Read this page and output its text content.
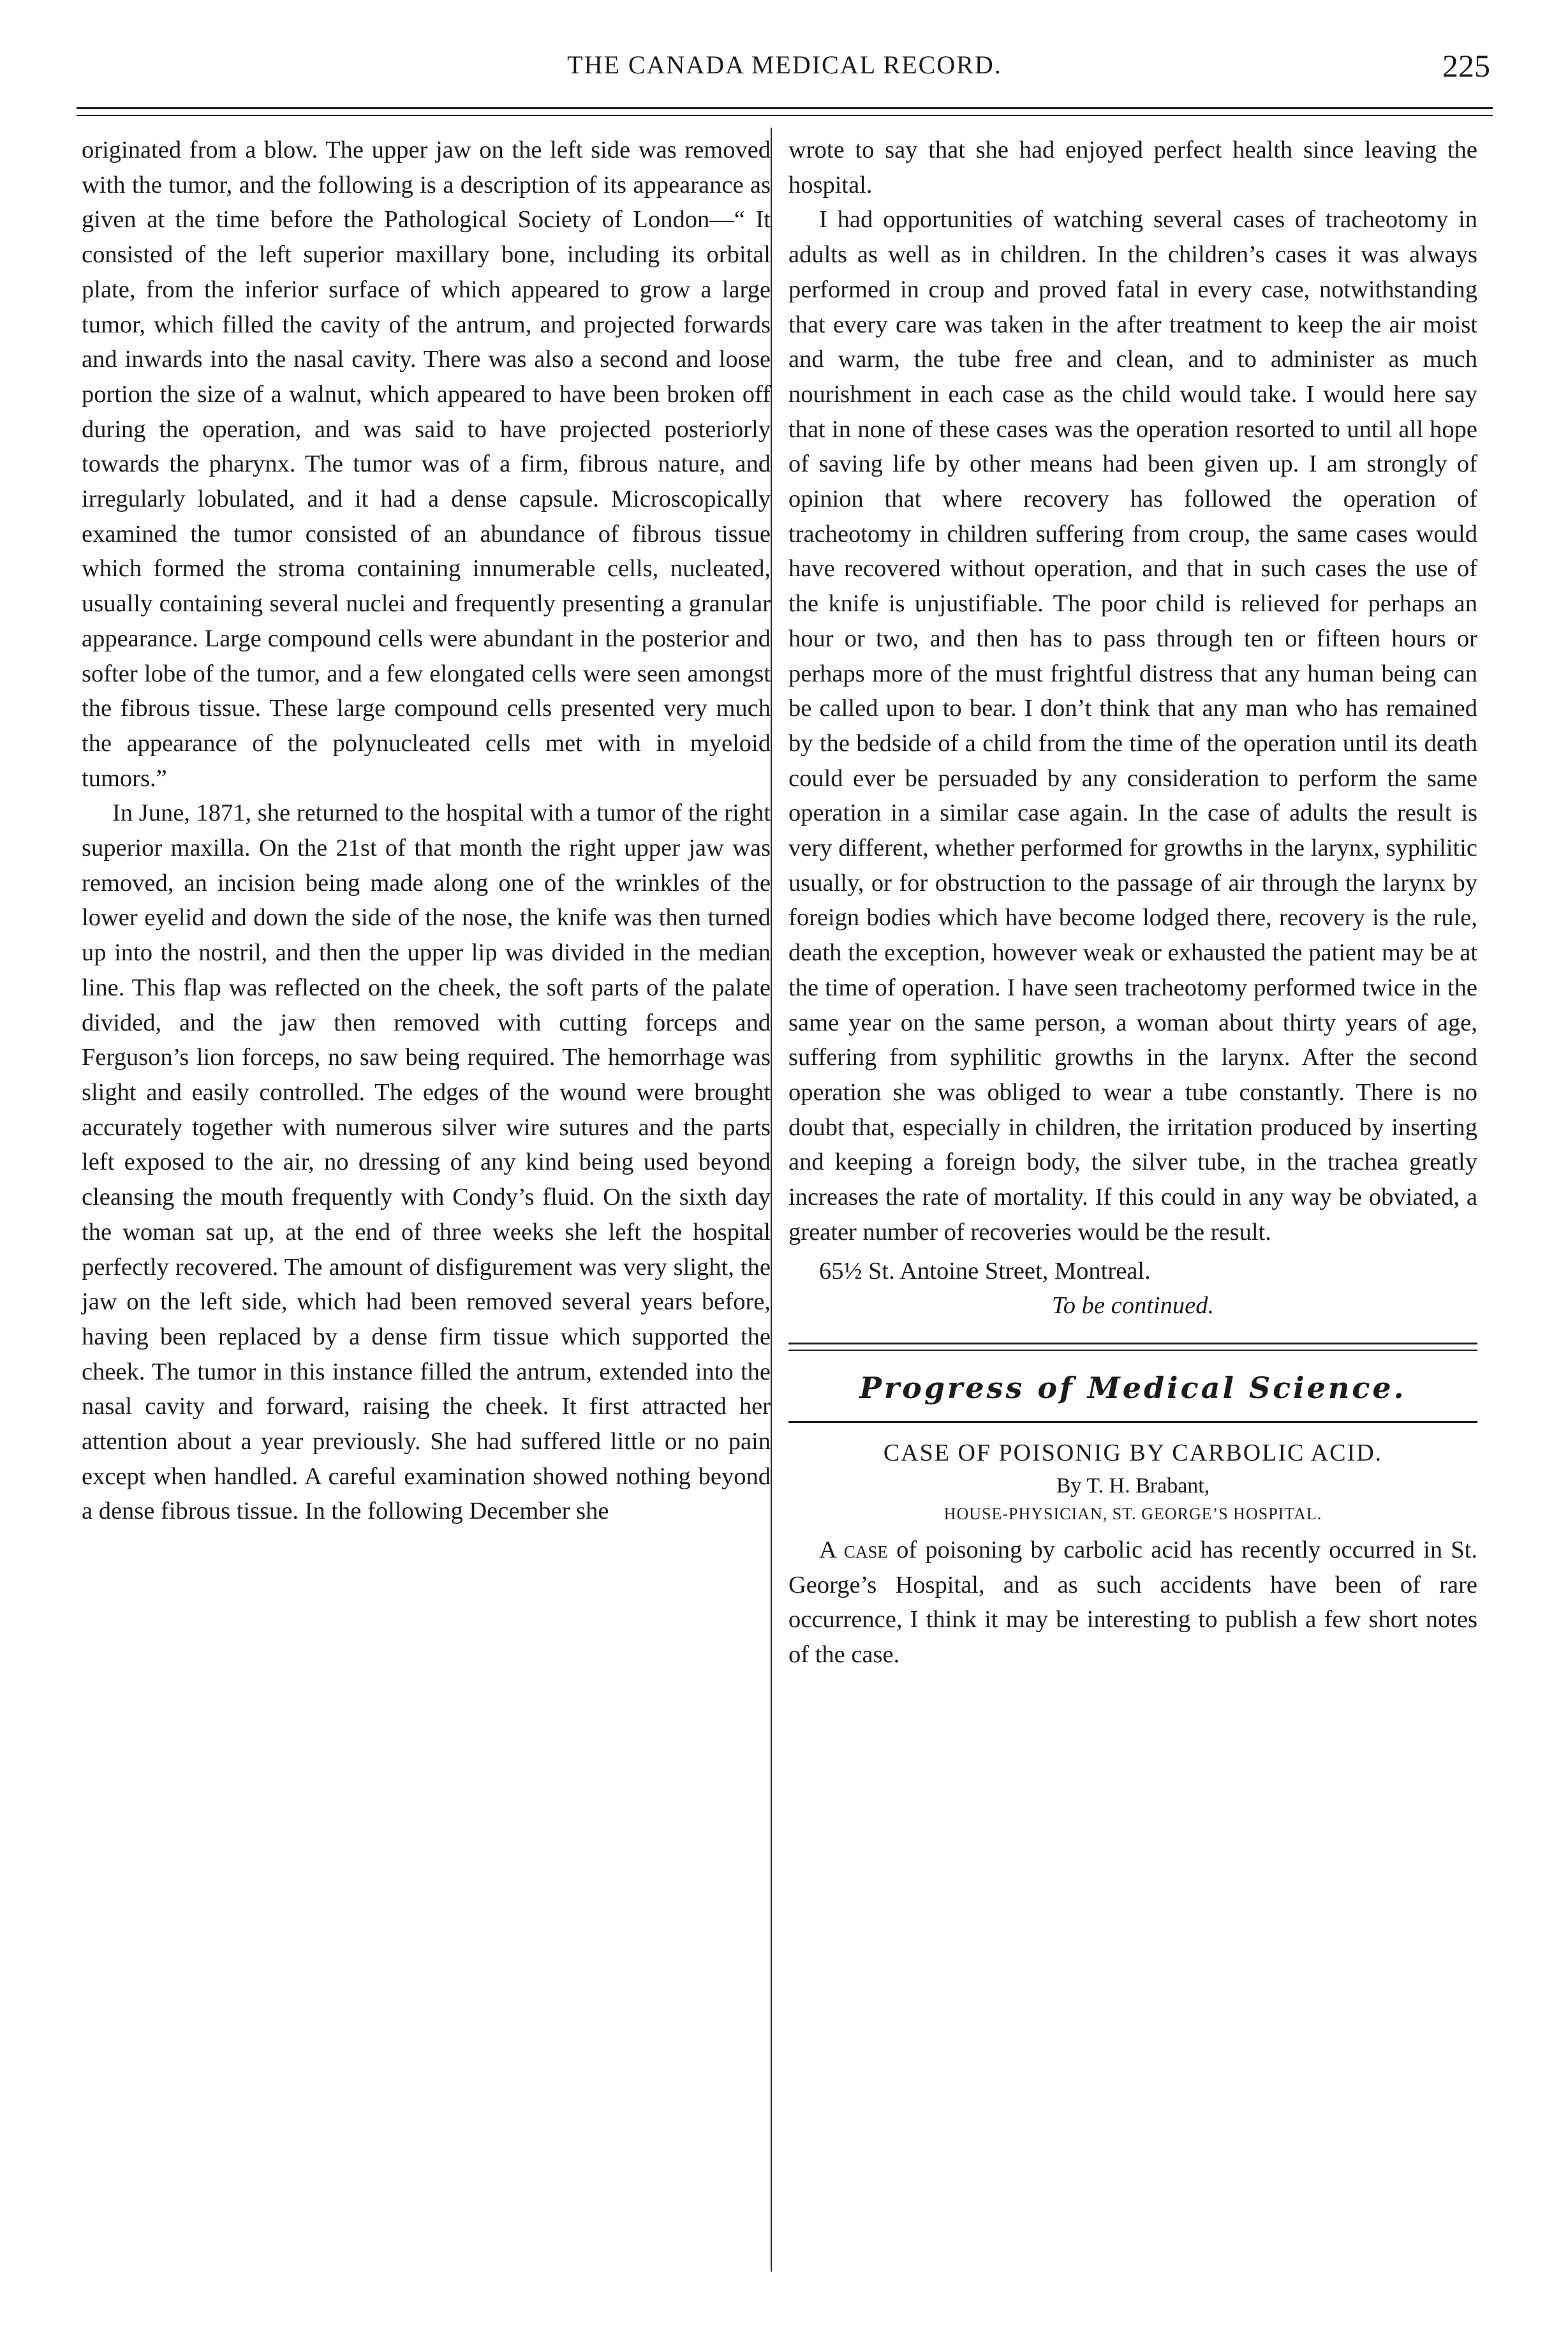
THE CANADA MEDICAL RECORD.	225

originated from a blow. The upper jaw on the left side was removed with the tumor, and the following is a description of its appearance as given at the time before the Pathological Society of London—“ It consisted of the left superior maxillary bone, including its orbital plate, from the inferior surface of which appeared to grow a large tumor, which filled the cavity of the antrum, and projected forwards and inwards into the nasal cavity. There was also a second and loose portion the size of a walnut, which appeared to have been broken off during the operation, and was said to have projected posteriorly towards the pharynx. The tumor was of a firm, fibrous nature, and irregularly lobulated, and it had a dense capsule. Microscopically examined the tumor consisted of an abundance of fibrous tissue which formed the stroma containing innumerable cells, nucleated, usually containing several nuclei and frequently presenting a granular appearance. Large compound cells were abundant in the posterior and softer lobe of the tumor, and a few elongated cells were seen amongst the fibrous tissue. These large compound cells presented very much the appearance of the polynucleated cells met with in myeloid tumors.”

In June, 1871, she returned to the hospital with a tumor of the right superior maxilla. On the 21st of that month the right upper jaw was removed, an incision being made along one of the wrinkles of the lower eyelid and down the side of the nose, the knife was then turned up into the nostril, and then the upper lip was divided in the median line. This flap was reflected on the cheek, the soft parts of the palate divided, and the jaw then removed with cutting forceps and Ferguson’s lion forceps, no saw being required. The hemorrhage was slight and easily controlled. The edges of the wound were brought accurately together with numerous silver wire sutures and the parts left exposed to the air, no dressing of any kind being used beyond cleansing the mouth frequently with Condy’s fluid. On the sixth day the woman sat up, at the end of three weeks she left the hospital perfectly recovered. The amount of disfigurement was very slight, the jaw on the left side, which had been removed several years before, having been replaced by a dense firm tissue which supported the cheek. The tumor in this instance filled the antrum, extended into the nasal cavity and forward, raising the cheek. It first attracted her attention about a year previously. She had suffered little or no pain except when handled. A careful examination showed nothing beyond a dense fibrous tissue. In the following December she

wrote to say that she had enjoyed perfect health since leaving the hospital.

I had opportunities of watching several cases of tracheotomy in adults as well as in children. In the children’s cases it was always performed in croup and proved fatal in every case, notwithstanding that every care was taken in the after treatment to keep the air moist and warm, the tube free and clean, and to administer as much nourishment in each case as the child would take. I would here say that in none of these cases was the operation resorted to until all hope of saving life by other means had been given up. I am strongly of opinion that where recovery has followed the operation of tracheotomy in children suffering from croup, the same cases would have recovered without operation, and that in such cases the use of the knife is unjustifiable. The poor child is relieved for perhaps an hour or two, and then has to pass through ten or fifteen hours or perhaps more of the must frightful distress that any human being can be called upon to bear. I don’t think that any man who has remained by the bedside of a child from the time of the operation until its death could ever be persuaded by any consideration to perform the same operation in a similar case again. In the case of adults the result is very different, whether performed for growths in the larynx, syphilitic usually, or for obstruction to the passage of air through the larynx by foreign bodies which have become lodged there, recovery is the rule, death the exception, however weak or exhausted the patient may be at the time of operation. I have seen tracheotomy performed twice in the same year on the same person, a woman about thirty years of age, suffering from syphilitic growths in the larynx. After the second operation she was obliged to wear a tube constantly. There is no doubt that, especially in children, the irritation produced by inserting and keeping a foreign body, the silver tube, in the trachea greatly increases the rate of mortality. If this could in any way be obviated, a greater number of recoveries would be the result.

65½ St. Antoine Street, Montreal.

To be continued.

Progress of Medical Science.

CASE OF POISONIG BY CARBOLIC ACID.

By T. H. Brabant,

HOUSE-PHYSICIAN, ST. GEORGE’S HOSPITAL.

A case of poisoning by carbolic acid has recently occurred in St. George’s Hospital, and as such accidents have been of rare occurrence, I think it may be interesting to publish a few short notes of the case.
